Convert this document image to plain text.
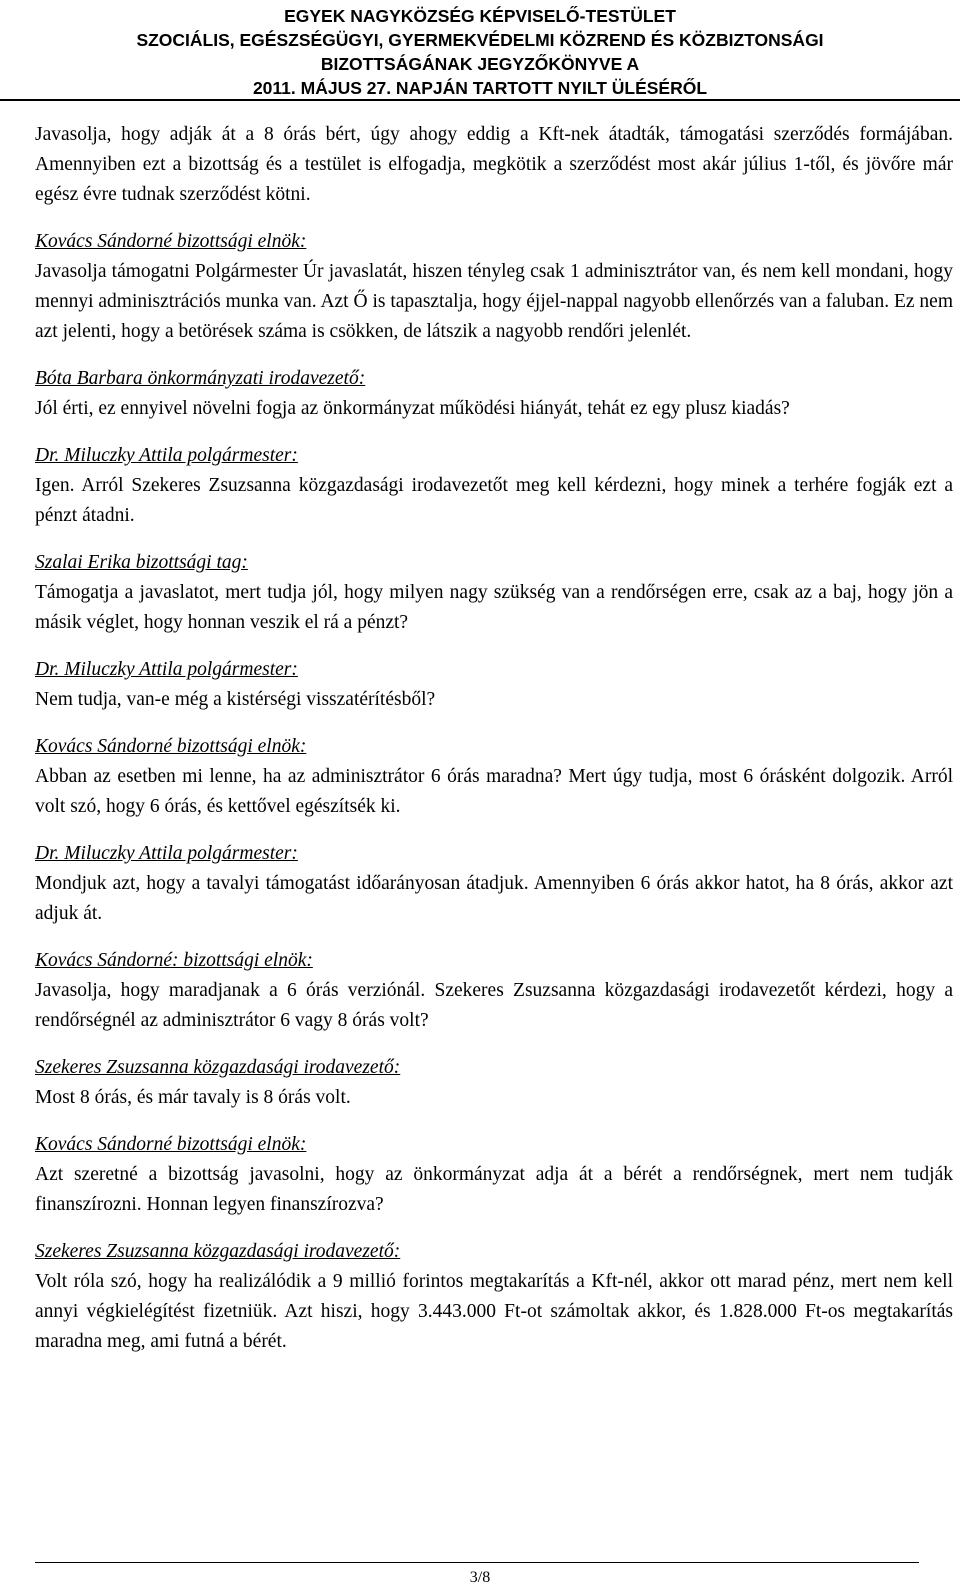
EGYEK NAGYKÖZSÉG KÉPVISELŐ-TESTÜLET
SZOCIÁLIS, EGÉSZSÉGÜGYI, GYERMEKVÉDELMI KÖZREND ÉS KÖZBIZTONSÁGI
BIZOTTSÁGÁNAK JEGYZŐKÖNYVE A
2011. MÁJUS 27. NAPJÁN TARTOTT NYILT ÜLÉSÉRŐL

Javasolja, hogy adják át a 8 órás bért, úgy ahogy eddig a Kft-nek átadták, támogatási szerződés formájában. Amennyiben ezt a bizottság és a testület is elfogadja, megkötik a szerződést most akár július 1-től, és jövőre már egész évre tudnak szerződést kötni.

Kovács Sándorné bizottsági elnök:
Javasolja támogatni Polgármester Úr javaslatát, hiszen tényleg csak 1 adminisztrátor van, és nem kell mondani, hogy mennyi adminisztrációs munka van. Azt Ő is tapasztalja, hogy éjjel-nappal nagyobb ellenőrzés van a faluban. Ez nem azt jelenti, hogy a betörések száma is csökken, de látszik a nagyobb rendőri jelenlét.
Bóta Barbara önkormányzati irodavezető:
Jól érti, ez ennyivel növelni fogja az önkormányzat működési hiányát, tehát ez egy plusz kiadás?
Dr. Miluczky Attila polgármester:
Igen. Arról Szekeres Zsuzsanna közgazdasági irodavezetőt meg kell kérdezni, hogy minek a terhére fogják ezt a pénzt átadni.
Szalai Erika bizottsági tag:
Támogatja a javaslatot, mert tudja jól, hogy milyen nagy szükség van a rendőrségen erre, csak az a baj, hogy jön a másik véglet, hogy honnan veszik el rá a pénzt?
Dr. Miluczky Attila polgármester:
Nem tudja, van-e még a kistérségi visszatérítésből?
Kovács Sándorné bizottsági elnök:
Abban az esetben mi lenne, ha az adminisztrátor 6 órás maradna? Mert úgy tudja, most 6 órásként dolgozik. Arról volt szó, hogy 6 órás, és kettővel egészítsék ki.
Dr. Miluczky Attila polgármester:
Mondjuk azt, hogy a tavalyi támogatást időarányosan átadjuk. Amennyiben 6 órás akkor hatot, ha 8 órás, akkor azt adjuk át.
Kovács Sándorné: bizottsági elnök:
Javasolja, hogy maradjanak a 6 órás verziónál. Szekeres Zsuzsanna közgazdasági irodavezetőt kérdezi, hogy a rendőrségnél az adminisztrátor 6 vagy 8 órás volt?
Szekeres Zsuzsanna közgazdasági irodavezető:
Most 8 órás, és már tavaly is 8 órás volt.
Kovács Sándorné bizottsági elnök:
Azt szeretné a bizottság javasolni, hogy az önkormányzat adja át a bérét a rendőrségnek, mert nem tudják finanszírozni. Honnan legyen finanszírozva?
Szekeres Zsuzsanna közgazdasági irodavezető:
Volt róla szó, hogy ha realizálódik a 9 millió forintos megtakarítás a Kft-nél, akkor ott marad pénz, mert nem kell annyi végkielégítést fizetniük. Azt hiszi, hogy 3.443.000 Ft-ot számoltak akkor, és 1.828.000 Ft-os megtakarítás maradna meg, ami futná a bérét.
3/8
